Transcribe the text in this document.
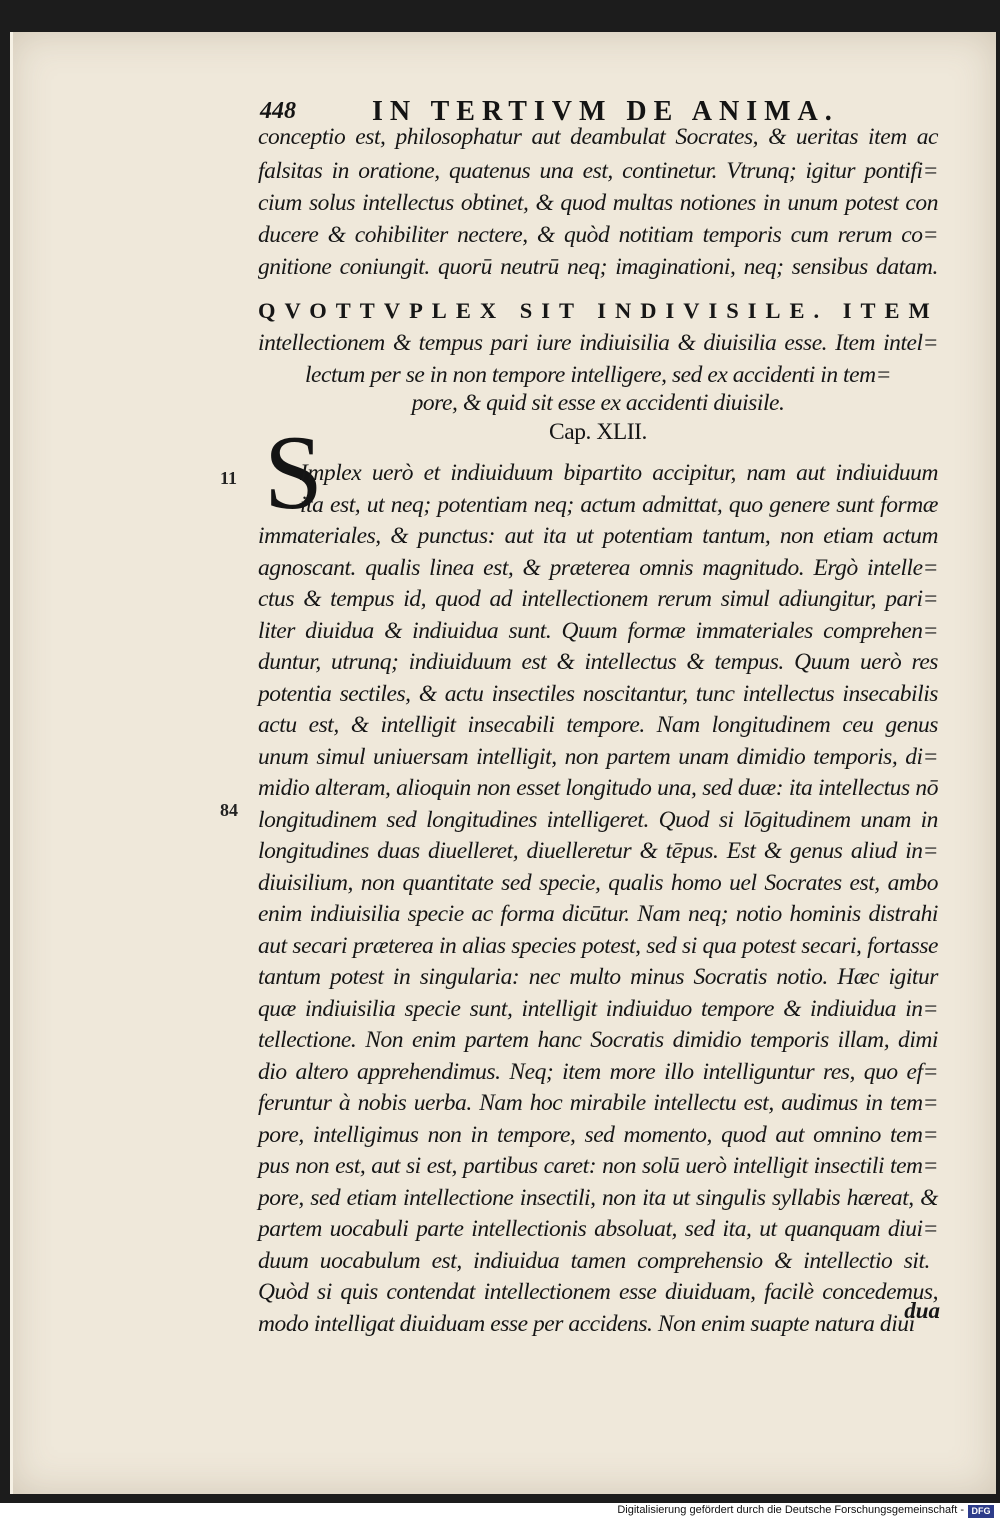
448	IN TERTIVM DE ANIMA.
conceptio est, philosophatur aut deambulat Socrates, & ueritas item ac
falsitas in oratione, quatenus una est, continetur. Vtrunq; igitur pontifi=
cium solus intellectus obtinet, & quod multas notiones in unum potest con
ducere & cohibiliter nectere, & quòd notitiam temporis cum rerum co=
gnitione coniungit. quorū neutrū neq; imaginationi, neq; sensibus datam.
QVOTTVPLEX SIT INDIVISILE. ITEM
intellectionem & tempus pari iure indiuisilia & diuisilia esse. Item intel=
lectum per se in non tempore intelligere, sed ex accidenti in tem=
pore, & quid sit esse ex accidenti diuisile.
Cap. XLII.
11
84
S
Implex uerò et indiuiduum bipartito accipitur, nam aut indiuiduum
ita est, ut neq; potentiam neq; actum admittat, quo genere sunt formæ
immateriales, & punctus: aut ita ut potentiam tantum, non etiam actum
agnoscant. qualis linea est, & præterea omnis magnitudo. Ergò intelle=
ctus & tempus id, quod ad intellectionem rerum simul adiungitur, pari=
liter diuidua & indiuidua sunt. Quum formæ immateriales comprehen=
duntur, utrunq; indiuiduum est & intellectus & tempus. Quum uerò res
potentia sectiles, & actu insectiles noscitantur, tunc intellectus insecabilis
actu est, & intelligit insecabili tempore. Nam longitudinem ceu genus
unum simul uniuersam intelligit, non partem unam dimidio temporis, di=
midio alteram, alioquin non esset longitudo una, sed duæ: ita intellectus nō
longitudinem sed longitudines intelligeret. Quod si lōgitudinem unam in
longitudines duas diuelleret, diuelleretur & tēpus. Est & genus aliud in=
diuisilium, non quantitate sed specie, qualis homo uel Socrates est, ambo
enim indiuisilia specie ac forma dicūtur. Nam neq; notio hominis distrahi
aut secari præterea in alias species potest, sed si qua potest secari, fortasse
tantum potest in singularia: nec multo minus Socratis notio. Hæc igitur
quæ indiuisilia specie sunt, intelligit indiuiduo tempore & indiuidua in=
tellectione. Non enim partem hanc Socratis dimidio temporis illam, dimi
dio altero apprehendimus. Neq; item more illo intelliguntur res, quo ef=
feruntur à nobis uerba. Nam hoc mirabile intellectu est, audimus in tem=
pore, intelligimus non in tempore, sed momento, quod aut omnino tem=
pus non est, aut si est, partibus caret: non solū uerò intelligit insectili tem=
pore, sed etiam intellectione insectili, non ita ut singulis syllabis hæreat, &
partem uocabuli parte intellectionis absoluat, sed ita, ut quanquam diui=
duum uocabulum est, indiuidua tamen comprehensio & intellectio sit.
Quòd si quis contendat intellectionem esse diuiduam, facilè concedemus,
modo intelligat diuiduam esse per accidens. Non enim suapte natura diui
dua
Digitalisierung gefördert durch die Deutsche Forschungsgemeinschaft - DFG
